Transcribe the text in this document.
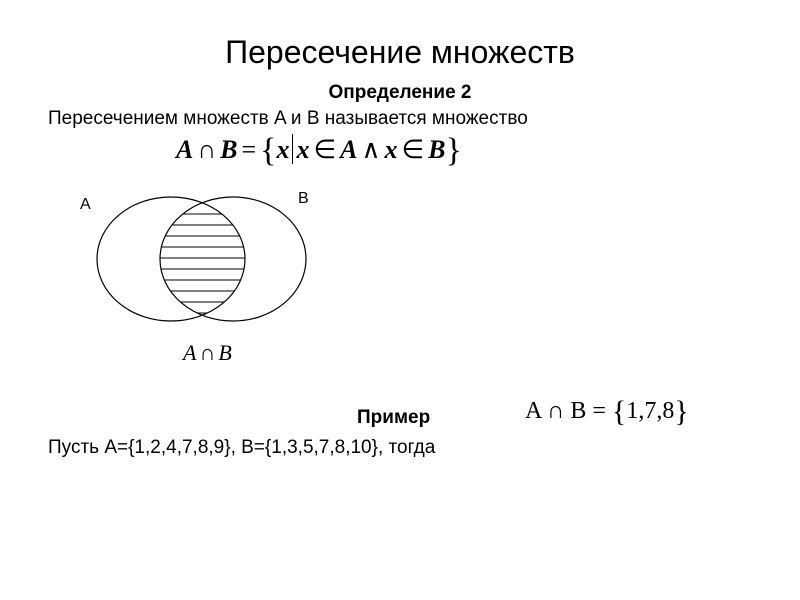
Пересечение множеств
Определение 2
Пересечением множеств A и B называется множество
A ∩ B = {x x ∈ A ∧ x ∈ B}
A	B
A ∩ B
Пример
Пусть A={1,2,4,7,8,9}, B={1,3,5,7,8,10}, тогда
A ∩ B = {1,7,8}
